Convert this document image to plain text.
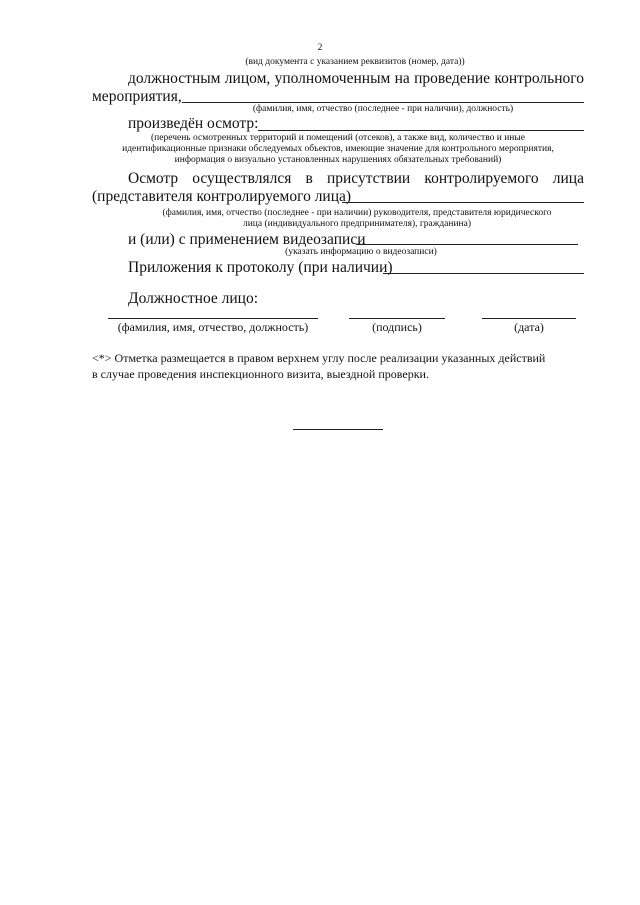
2
(вид документа с указанием реквизитов (номер, дата))
должностным лицом, уполномоченным на проведение контрольного
мероприятия,
(фамилия, имя, отчество (последнее - при наличии), должность)
произведён осмотр:
(перечень осмотренных территорий и помещений (отсеков), а также вид, количество и иные
идентификационные признаки обследуемых объектов, имеющие значение для контрольного мероприятия,
информация о визуально установленных нарушениях обязательных требований)
Осмотр осуществлялся в присутствии контролируемого лица
(представителя контролируемого лица)
(фамилия, имя, отчество (последнее - при наличии) руководителя, представителя юридического
лица (индивидуального предпринимателя), гражданина)
и (или) с применением видеозаписи
(указать информацию о видеозаписи)
Приложения к протоколу (при наличии)
Должностное лицо:
(фамилия, имя, отчество, должность)	(подпись)	(дата)
<*> Отметка размещается в правом верхнем углу после реализации указанных действий
в случае проведения инспекционного визита, выездной проверки.
